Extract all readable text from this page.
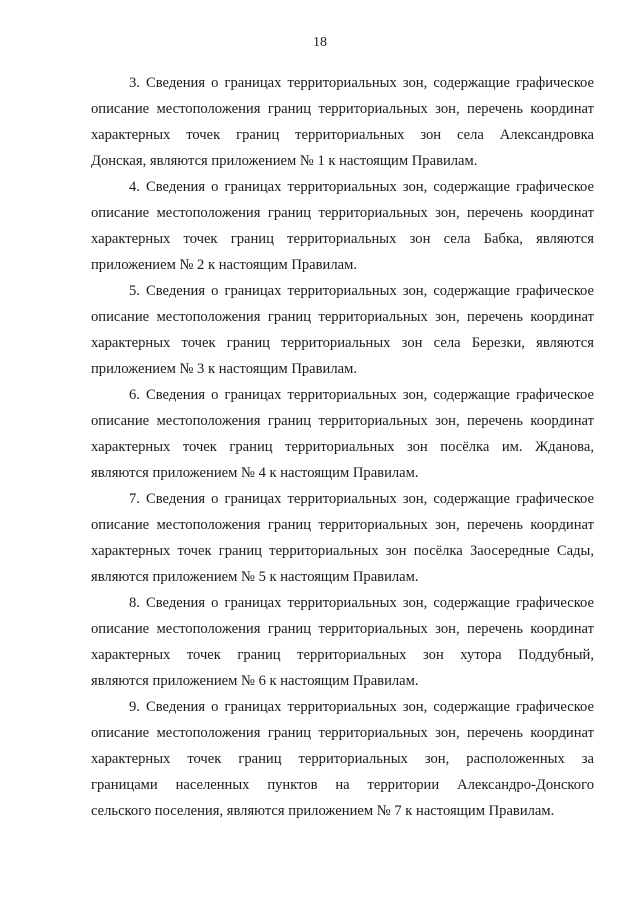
18

3. Сведения о границах территориальных зон, содержащие графическое
описание местоположения границ территориальных зон, перечень координат
характерных точек границ территориальных зон села Александровка
Донская, являются приложением № 1 к настоящим Правилам.

4. Сведения о границах территориальных зон, содержащие графическое
описание местоположения границ территориальных зон, перечень координат
характерных точек границ территориальных зон села Бабка, являются
приложением № 2 к настоящим Правилам.

5. Сведения о границах территориальных зон, содержащие графическое
описание местоположения границ территориальных зон, перечень координат
характерных точек границ территориальных зон села Березки, являются
приложением № 3 к настоящим Правилам.

6. Сведения о границах территориальных зон, содержащие графическое
описание местоположения границ территориальных зон, перечень координат
характерных точек границ территориальных зон посёлка им. Жданова,
являются приложением № 4 к настоящим Правилам.

7. Сведения о границах территориальных зон, содержащие графическое
описание местоположения границ территориальных зон, перечень координат
характерных точек границ территориальных зон посёлка Заосередные Сады,
являются приложением № 5 к настоящим Правилам.

8. Сведения о границах территориальных зон, содержащие графическое
описание местоположения границ территориальных зон, перечень координат
характерных точек границ территориальных зон хутора Поддубный,
являются приложением № 6 к настоящим Правилам.

9. Сведения о границах территориальных зон, содержащие графическое
описание местоположения границ территориальных зон, перечень координат
характерных точек границ территориальных зон, расположенных за
границами населенных пунктов на территории Александро-Донского
сельского поселения, являются приложением № 7 к настоящим Правилам.
